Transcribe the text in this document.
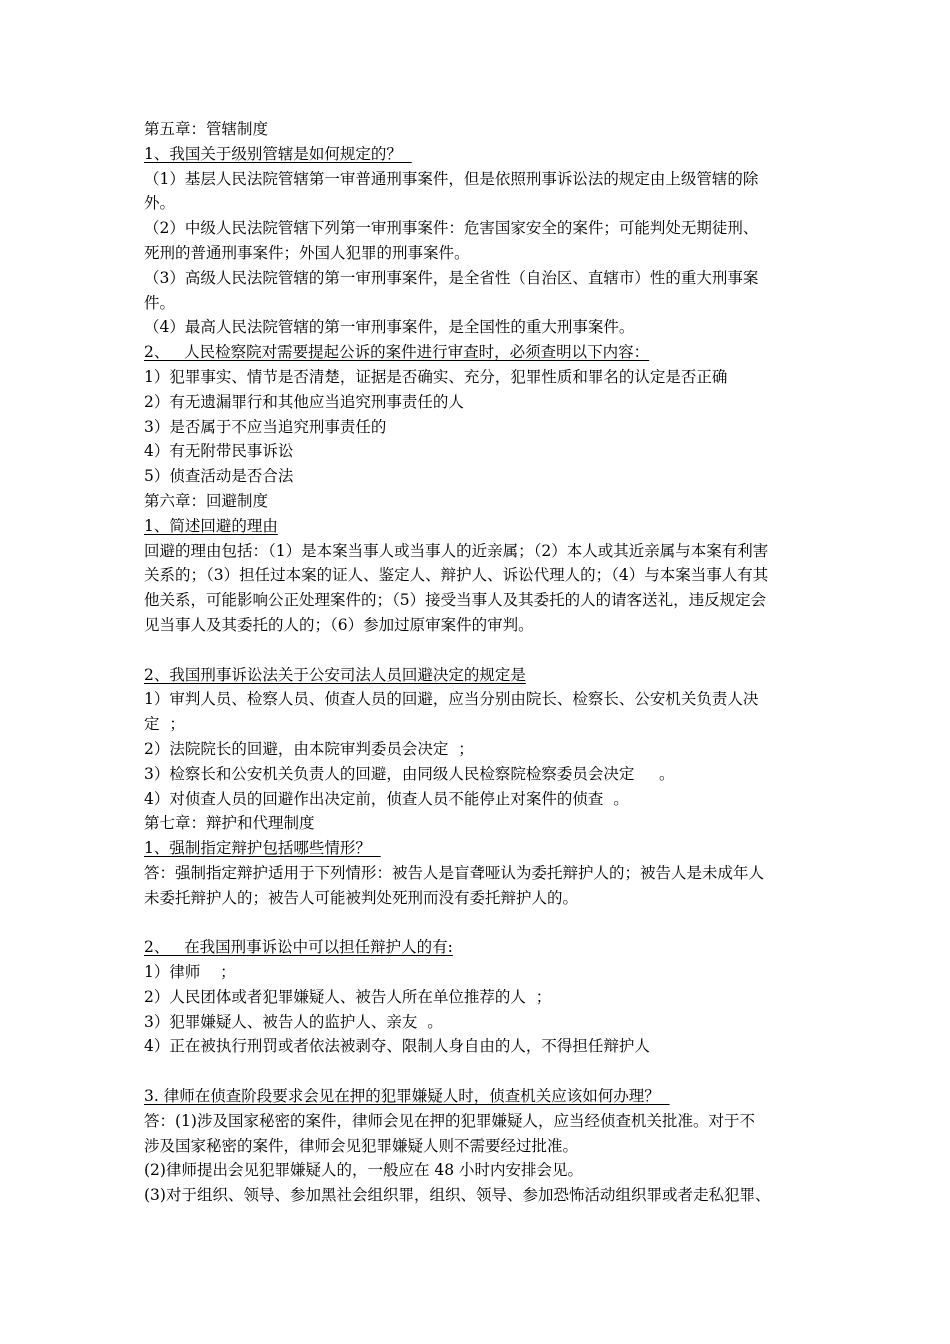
第五章：管辖制度
1、我国关于级别管辖是如何规定的？
（1）基层人民法院管辖第一审普通刑事案件，但是依照刑事诉讼法的规定由上级管辖的除
外。
（2）中级人民法院管辖下列第一审刑事案件：危害国家安全的案件；可能判处无期徒刑、
死刑的普通刑事案件；外国人犯罪的刑事案件。
（3）高级人民法院管辖的第一审刑事案件，是全省性（自治区、直辖市）性的重大刑事案
件。
（4）最高人民法院管辖的第一审刑事案件，是全国性的重大刑事案件。
2、   人民检察院对需要提起公诉的案件进行审查时，必须查明以下内容：
1）犯罪事实、情节是否清楚，证据是否确实、充分，犯罪性质和罪名的认定是否正确
2）有无遗漏罪行和其他应当追究刑事责任的人
3）是否属于不应当追究刑事责任的
4）有无附带民事诉讼
5）侦查活动是否合法
第六章：回避制度
1、简述回避的理由
回避的理由包括：（1）是本案当事人或当事人的近亲属；（2）本人或其近亲属与本案有利害
关系的；（3）担任过本案的证人、鉴定人、辩护人、诉讼代理人的；（4）与本案当事人有其
他关系，可能影响公正处理案件的；（5）接受当事人及其委托的人的请客送礼，违反规定会
见当事人及其委托的人的；（6）参加过原审案件的审判。
2、我国刑事诉讼法关于公安司法人员回避决定的规定是
1）审判人员、检察人员、侦查人员的回避，应当分别由院长、检察长、公安机关负责人决
定  ；
2）法院院长的回避，由本院审判委员会决定  ；
3）检察长和公安机关负责人的回避，由同级人民检察院检察委员会决定     。
4）对侦查人员的回避作出决定前，侦查人员不能停止对案件的侦查  。
第七章：辩护和代理制度
1、强制指定辩护包括哪些情形？
答：强制指定辩护适用于下列情形：被告人是盲聋哑认为委托辩护人的；被告人是未成年人
未委托辩护人的；被告人可能被判处死刑而没有委托辩护人的。
2、   在我国刑事诉讼中可以担任辩护人的有:
1）律师    ；
2）人民团体或者犯罪嫌疑人、被告人所在单位推荐的人  ；
3）犯罪嫌疑人、被告人的监护人、亲友  。
4）正在被执行刑罚或者依法被剥夺、限制人身自由的人，不得担任辩护人
3. 律师在侦查阶段要求会见在押的犯罪嫌疑人时，侦查机关应该如何办理？
答：(1)涉及国家秘密的案件，律师会见在押的犯罪嫌疑人，应当经侦查机关批准。对于不
涉及国家秘密的案件，律师会见犯罪嫌疑人则不需要经过批准。
(2)律师提出会见犯罪嫌疑人的，一般应在 48 小时内安排会见。
(3)对于组织、领导、参加黑社会组织罪，组织、领导、参加恐怖活动组织罪或者走私犯罪、
